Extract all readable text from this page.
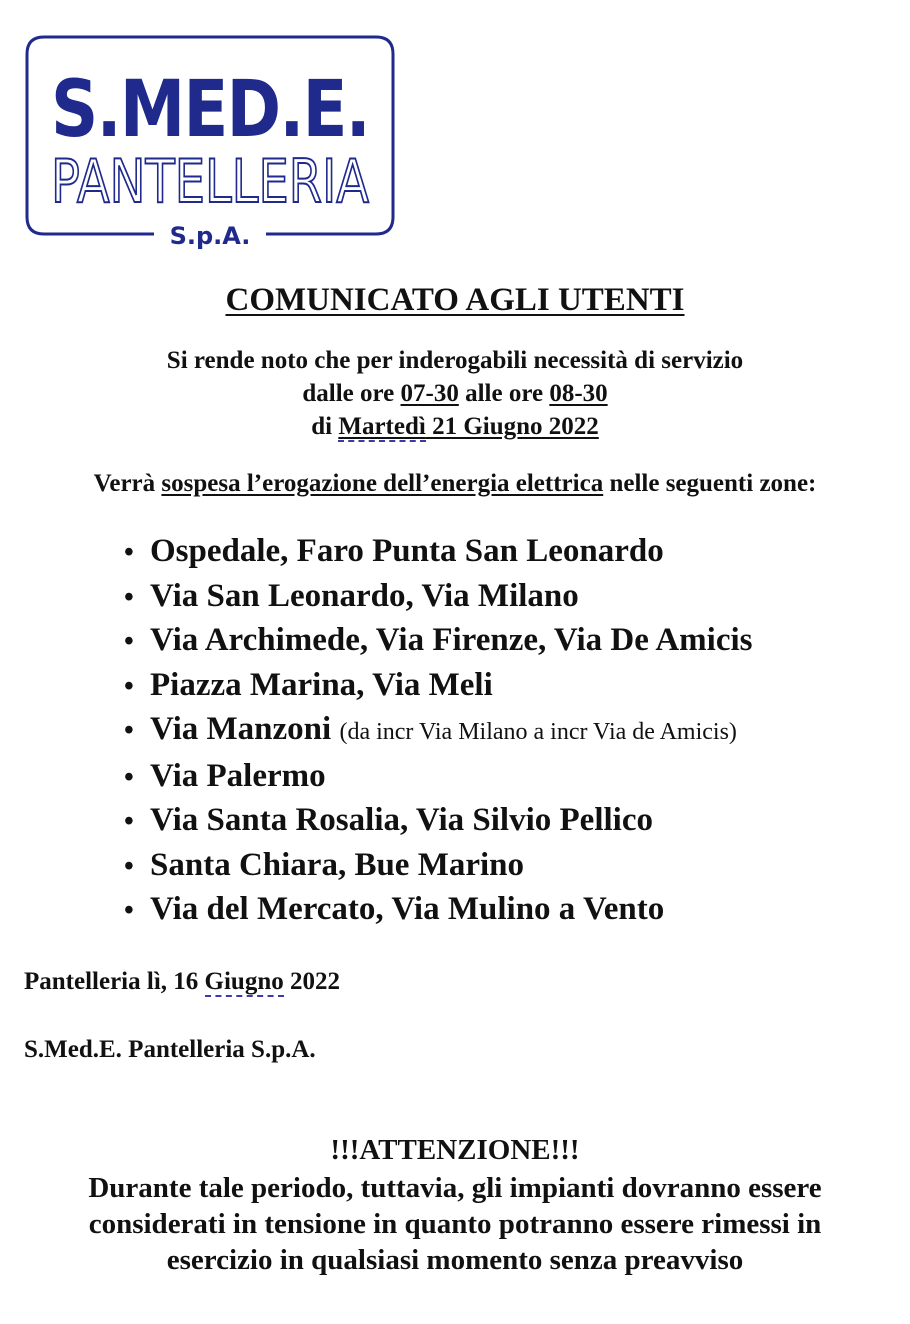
S.MED.E.
PANTELLERIA
S.p.A.
COMUNICATO AGLI UTENTI
Si rende noto che per inderogabili necessità di servizio
dalle ore 07-30 alle ore 08-30
di Martedì 21 Giugno 2022
Verrà sospesa l’erogazione dell’energia elettrica nelle seguenti zone:
• Ospedale, Faro Punta San Leonardo
• Via San Leonardo, Via Milano
• Via Archimede, Via Firenze, Via De Amicis
• Piazza Marina, Via Meli
• Via Manzoni (da incr Via Milano a incr Via de Amicis)
• Via Palermo
• Via Santa Rosalia, Via Silvio Pellico
• Santa Chiara, Bue Marino
• Via del Mercato, Via Mulino a Vento
Pantelleria lì, 16 Giugno 2022
S.Med.E. Pantelleria S.p.A.
!!!ATTENZIONE!!!
Durante tale periodo, tuttavia, gli impianti dovranno essere
considerati in tensione in quanto potranno essere rimessi in
esercizio in qualsiasi momento senza preavviso
